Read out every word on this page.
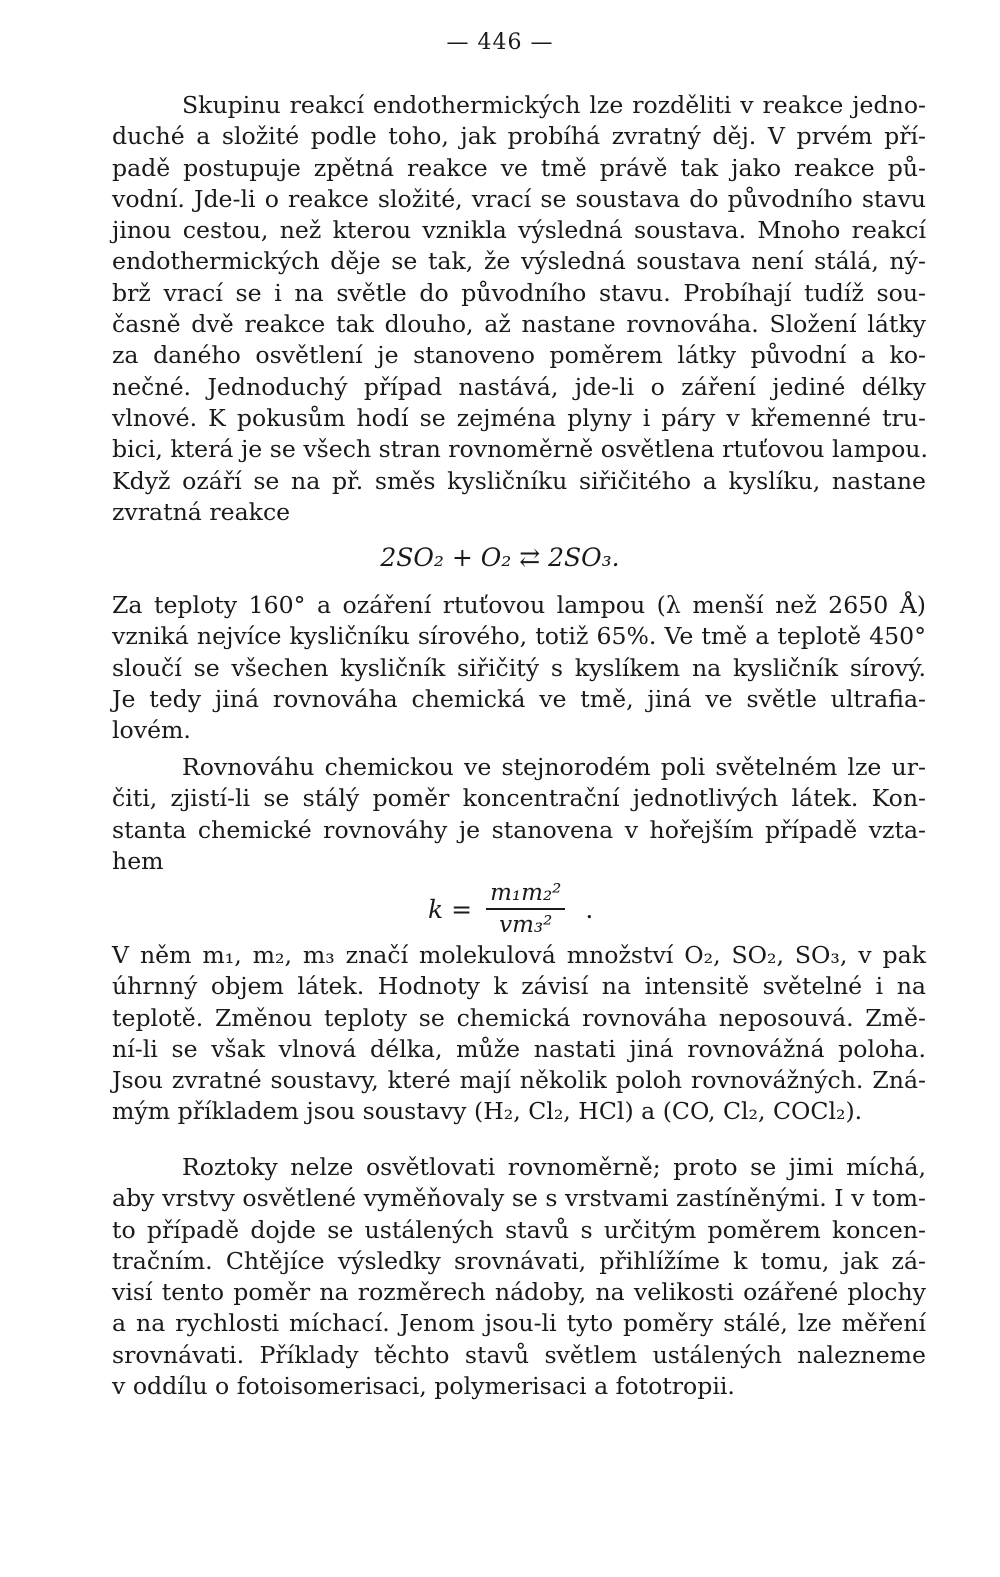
— 446 —
Skupinu reakcí endothermických lze rozděliti v reakce jedno-
duché a složité podle toho, jak probíhá zvratný děj. V prvém pří-
padě postupuje zpětná reakce ve tmě právě tak jako reakce pů-
vodní. Jde-li o reakce složité, vrací se soustava do původního stavu
jinou cestou, než kterou vznikla výsledná soustava. Mnoho reakcí
endothermických děje se tak, že výsledná soustava není stálá, ný-
brž vrací se i na světle do původního stavu. Probíhají tudíž sou-
časně dvě reakce tak dlouho, až nastane rovnováha. Složení látky
za daného osvětlení je stanoveno poměrem látky původní a ko-
nečné. Jednoduchý případ nastává, jde-li o záření jediné délky
vlnové. K pokusům hodí se zejména plyny i páry v křemenné tru-
bici, která je se všech stran rovnoměrně osvětlena rtuťovou lampou.
Když ozáří se na př. směs kysličníku siřičitého a kyslíku, nastane
zvratná reakce
2SO₂ + O₂ ⇄ 2SO₃.
Za teploty 160° a ozáření rtuťovou lampou (λ menší než 2650 Å)
vzniká nejvíce kysličníku sírového, totiž 65%. Ve tmě a teplotě 450°
sloučí se všechen kysličník siřičitý s kyslíkem na kysličník sírový.
Je tedy jiná rovnováha chemická ve tmě, jiná ve světle ultrafia-
lovém.
Rovnováhu chemickou ve stejnorodém poli světelném lze ur-
čiti, zjistí-li se stálý poměr koncentrační jednotlivých látek. Kon-
stanta chemické rovnováhy je stanovena v hořejším případě vzta-
hem
$k = \frac{\text{m₁m₂²}}{\text{vm₃²}}$ .
V něm m₁, m₂, m₃ značí molekulová množství O₂, SO₂, SO₃, v pak
úhrnný objem látek. Hodnoty k závisí na intensitě světelné i na
teplotě. Změnou teploty se chemická rovnováha neposouvá. Změ-
ní-li se však vlnová délka, může nastati jiná rovnovážná poloha.
Jsou zvratné soustavy, které mají několik poloh rovnovážných. Zná-
mým příkladem jsou soustavy (H₂, Cl₂, HCl) a (CO, Cl₂, COCl₂).
Roztoky nelze osvětlovati rovnoměrně; proto se jimi míchá,
aby vrstvy osvětlené vyměňovaly se s vrstvami zastíněnými. I v tom-
to případě dojde se ustálených stavů s určitým poměrem koncen-
tračním. Chtějíce výsledky srovnávati, přihlížíme k tomu, jak zá-
visí tento poměr na rozměrech nádoby, na velikosti ozářené plochy
a na rychlosti míchací. Jenom jsou-li tyto poměry stálé, lze měření
srovnávati. Příklady těchto stavů světlem ustálených nalezneme
v oddílu o fotoisomerisaci, polymerisaci a fototropii.
